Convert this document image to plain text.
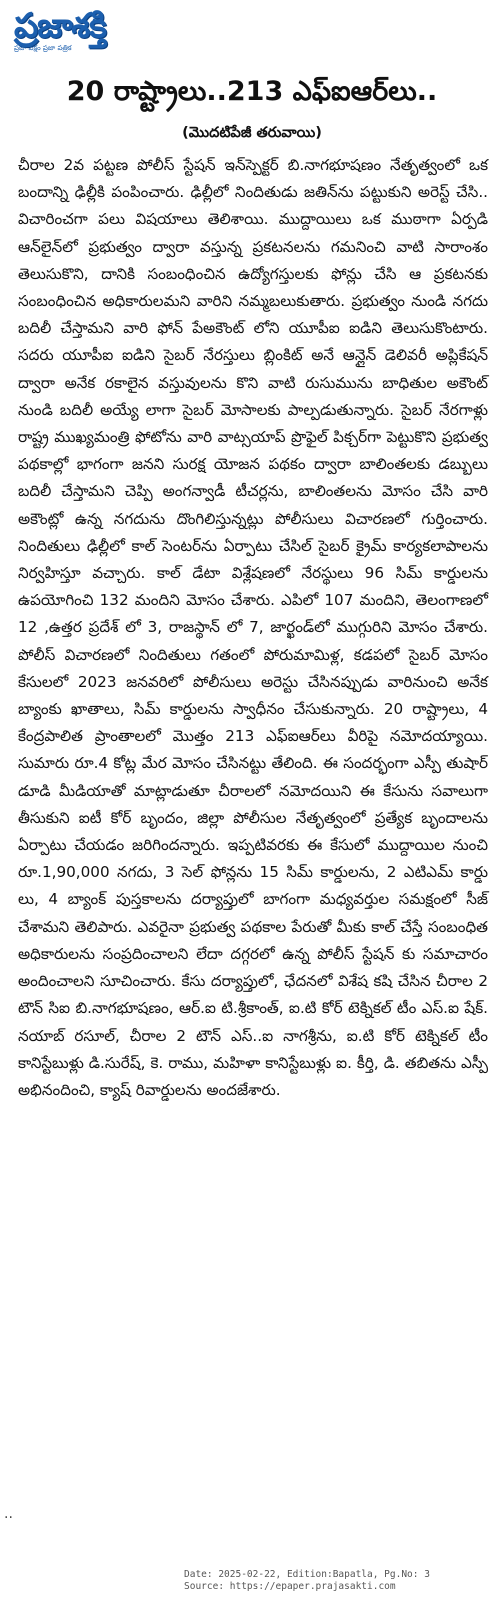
ప్రజాశక్తి
ప్రజా పక్షం ప్రజా పత్రిక
20 రాష్ట్రాలు..213 ఎఫ్‌ఐఆర్‌లు..
(మొదటిపేజీ తరువాయి)

చీరాల 2వ పట్టణ పోలీస్ స్టేషన్ ఇన్‌స్పెక్టర్ బి.నాగభూషణం నేతృత్వంలో ఒక బందాన్ని ఢిల్లీకి పంపించారు. ఢిల్లీలో నిందితుడు జతిన్‌ను పట్టుకుని అరెస్ట్ చేసి.. విచారించగా పలు విషయాలు తెలిశాయి. ముద్దాయిలు ఒక ముఠాగా ఏర్పడి ఆన్‌లైన్‌లో ప్రభుత్వం ద్వారా వస్తున్న ప్రకటనలను గమనించి వాటి సారాంశం తెలుసుకొని, దానికి సంబంధించిన ఉద్యోగస్తులకు ఫోన్లు చేసి ఆ ప్రకటనకు సంబంధించిన అధికారులమని వారిని నమ్మబలుకుతారు. ప్రభుత్వం నుండి నగదు బదిలీ చేస్తామని వారి ఫోన్ పేఅకౌంట్ లోని యూపీఐ ఐడిని తెలుసుకొంటారు. సదరు యూపీఐ ఐడిని సైబర్ నేరస్తులు బ్లింకిట్ అనే ఆన్లైన్ డెలివరీ అప్లికేషన్ ద్వారా అనేక రకాలైన వస్తువులను కొని వాటి రుసుమును బాధితుల అకౌంట్ నుండి బదిలీ అయ్యే లాగా సైబర్ మోసాలకు పాల్పడుతున్నారు. సైబర్ నేరగాళ్లు రాష్ట్ర ముఖ్యమంత్రి ఫోటోను వారి వాట్సయాప్ ప్రొఫైల్ పిక్చర్‌గా పెట్టుకొని ప్రభుత్వ పథకాల్లో భాగంగా జనని సురక్ష యోజన పథకం ద్వారా బాలింతలకు డబ్బులు బదిలీ చేస్తామని చెప్పి అంగన్వాడీ టీచర్లను, బాలింతలను మోసం చేసి వారి అకౌంట్లో ఉన్న నగదును దొంగిలిస్తున్నట్లు పోలీసులు విచారణలో గుర్తించారు. నిందితులు ఢిల్లీలో కాల్ సెంటర్‌ను ఏర్పాటు చేసిల్ సైబర్ క్రైమ్ కార్యకలాపాలను నిర్వహిస్తూ వచ్చారు. కాల్ డేటా విశ్లేషణలో నేరస్థులు 96 సిమ్ కార్డులను ఉపయోగించి 132 మందిని మోసం చేశారు. ఎపిలో 107 మందిని, తెలంగాణలో 12 ,ఉత్తర ప్రదేశ్ లో 3, రాజస్థాన్ లో 7, జార్ఖండ్‌లో ముగ్గురిని మోసం చేశారు. పోలీస్ విచారణలో నిందితులు గతంలో పోరుమామిళ్ల, కడపలో సైబర్ మోసం కేసులలో 2023 జనవరిలో పోలీసులు అరెస్టు చేసినప్పుడు వారినుంచి అనేక బ్యాంకు ఖాతాలు, సిమ్ కార్డులను స్వాధీనం చేసుకున్నారు. 20 రాష్ట్రాలు, 4 కేంద్రపాలిత ప్రాంతాలలో మొత్తం 213 ఎఫ్ఐఆర్‌లు వీరిపై నమోదయ్యాయి. సుమారు రూ.4 కోట్ల మేర మోసం చేసినట్టు తేలింది. ఈ సందర్భంగా ఎస్పీ తుషార్ డూడి మీడియాతో మాట్లాడుతూ చీరాలలో నమోదయిని ఈ కేసును సవాలుగా తీసుకుని ఐటీ కోర్ బృందం, జిల్లా పోలీసుల నేతృత్వంలో ప్రత్యేక బృందాలను ఏర్పాటు చేయడం జరిగిందన్నారు. ఇప్పటివరకు ఈ కేసులో ముద్దాయిల నుంచి రూ.1,90,000 నగదు, 3 సెల్ ఫోన్లను 15 సిమ్ కార్డులను, 2 ఎటిఎమ్ కార్డు లు, 4 బ్యాంక్ పుస్తకాలను దర్యాప్తులో బాగంగా మధ్యవర్తుల సమక్షంలో సీజ్ చేశామని తెలిపారు. ఎవరైనా ప్రభుత్వ పథకాల పేరుతో మీకు కాల్ చేస్తే సంబంధిత అధికారులను సంప్రదించాలని లేదా దగ్గరలో ఉన్న పోలీస్ స్టేషన్ కు సమాచారం అందించాలని సూచించారు. కేసు దర్యాప్తులో, ఛేదనలో విశేష కషి చేసిన చీరాల 2 టౌన్ సిఐ బి.నాగభూషణం, ఆర్.ఐ టి.శ్రీకాంత్, ఐ.టి కోర్ టెక్నికల్ టీం ఎస్.ఐ షేక్. నయాబ్ రసూల్, చీరాల 2 టౌన్ ఎస్..ఐ నాగశ్రీను, ఐ.టి కోర్ టెక్నికల్ టీం కానిస్టేబుళ్లు డి.సురేష్, కె. రాము, మహిళా కానిస్టేబుళ్లు ఐ. కీర్తి, డి. తబితను ఎస్పీ అభినందించి, క్యాష్ రివార్డులను అందజేశారు.

..
Date: 2025-02-22, Edition:Bapatla, Pg.No: 3
Source: https://epaper.prajasakti.com
